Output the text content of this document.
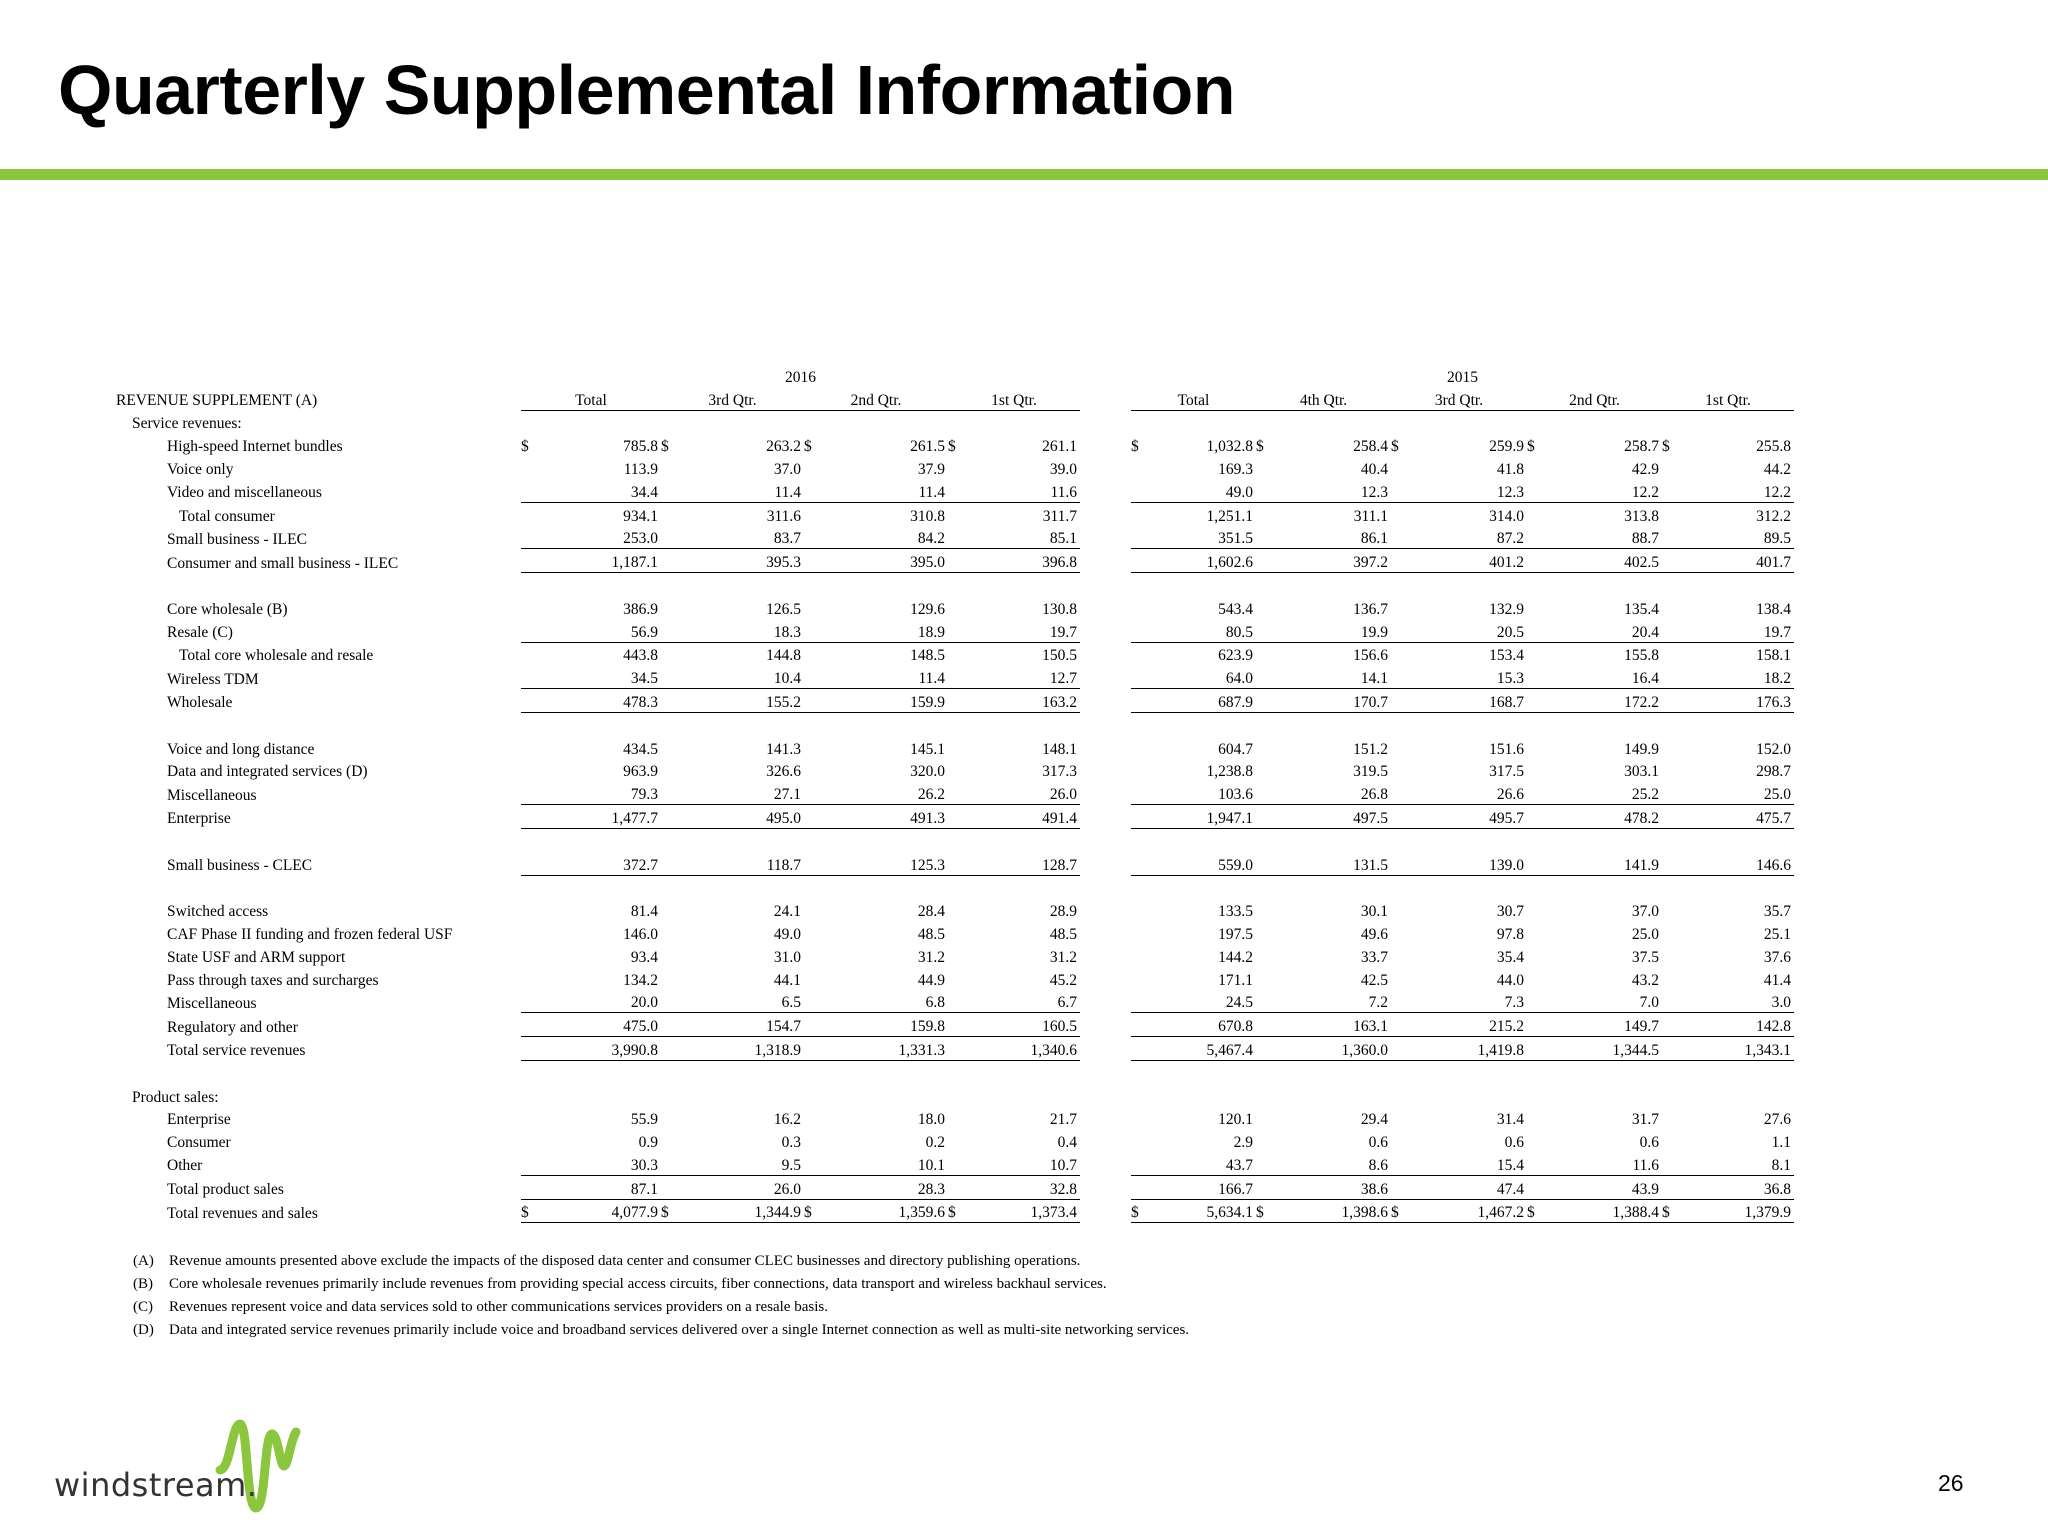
Quarterly Supplemental Information
	2016									2015									
REVENUE SUPPLEMENT (A)	Total		3rd Qtr.		2nd Qtr.		1st Qtr.			Total		4th Qtr.		3rd Qtr.		2nd Qtr.		1st Qtr.	
Service revenues:																			
High-speed Internet bundles	$	785.8	$	263.2	$	261.5	$	261.1		$	1,032.8	$	258.4	$	259.9	$	258.7	$	255.8
Voice only		113.9		37.0		37.9		39.0			169.3		40.4		41.8		42.9		44.2
Video and miscellaneous		34.4		11.4		11.4		11.6			49.0		12.3		12.3		12.2		12.2
Total consumer		934.1		311.6		310.8		311.7			1,251.1		311.1		314.0		313.8		312.2
Small business - ILEC		253.0		83.7		84.2		85.1			351.5		86.1		87.2		88.7		89.5
Consumer and small business - ILEC		1,187.1		395.3		395.0		396.8			1,602.6		397.2		401.2		402.5		401.7

Core wholesale (B)		386.9		126.5		129.6		130.8			543.4		136.7		132.9		135.4		138.4
Resale (C)		56.9		18.3		18.9		19.7			80.5		19.9		20.5		20.4		19.7
Total core wholesale and resale		443.8		144.8		148.5		150.5			623.9		156.6		153.4		155.8		158.1
Wireless TDM		34.5		10.4		11.4		12.7			64.0		14.1		15.3		16.4		18.2
Wholesale		478.3		155.2		159.9		163.2			687.9		170.7		168.7		172.2		176.3

Voice and long distance		434.5		141.3		145.1		148.1			604.7		151.2		151.6		149.9		152.0
Data and integrated services (D)		963.9		326.6		320.0		317.3			1,238.8		319.5		317.5		303.1		298.7
Miscellaneous		79.3		27.1		26.2		26.0			103.6		26.8		26.6		25.2		25.0
Enterprise		1,477.7		495.0		491.3		491.4			1,947.1		497.5		495.7		478.2		475.7

Small business - CLEC		372.7		118.7		125.3		128.7			559.0		131.5		139.0		141.9		146.6

Switched access		81.4		24.1		28.4		28.9			133.5		30.1		30.7		37.0		35.7
CAF Phase II funding and frozen federal USF		146.0		49.0		48.5		48.5			197.5		49.6		97.8		25.0		25.1
State USF and ARM support		93.4		31.0		31.2		31.2			144.2		33.7		35.4		37.5		37.6
Pass through taxes and surcharges		134.2		44.1		44.9		45.2			171.1		42.5		44.0		43.2		41.4
Miscellaneous		20.0		6.5		6.8		6.7			24.5		7.2		7.3		7.0		3.0
Regulatory and other		475.0		154.7		159.8		160.5			670.8		163.1		215.2		149.7		142.8
Total service revenues		3,990.8		1,318.9		1,331.3		1,340.6			5,467.4		1,360.0		1,419.8		1,344.5		1,343.1

Product sales:																			
Enterprise		55.9		16.2		18.0		21.7			120.1		29.4		31.4		31.7		27.6
Consumer		0.9		0.3		0.2		0.4			2.9		0.6		0.6		0.6		1.1
Other		30.3		9.5		10.1		10.7			43.7		8.6		15.4		11.6		8.1
Total product sales		87.1		26.0		28.3		32.8			166.7		38.6		47.4		43.9		36.8
Total revenues and sales	$	4,077.9	$	1,344.9	$	1,359.6	$	1,373.4		$	5,634.1	$	1,398.6	$	1,467.2	$	1,388.4	$	1,379.9
(A) Revenue amounts presented above exclude the impacts of the disposed data center and consumer CLEC businesses and directory publishing operations.
(B) Core wholesale revenues primarily include revenues from providing special access circuits, fiber connections, data transport and wireless backhaul services.
(C) Revenues represent voice and data services sold to other communications services providers on a resale basis.
(D) Data and integrated service revenues primarily include voice and broadband services delivered over a single Internet connection as well as multi-site networking services.
windstream.	26
